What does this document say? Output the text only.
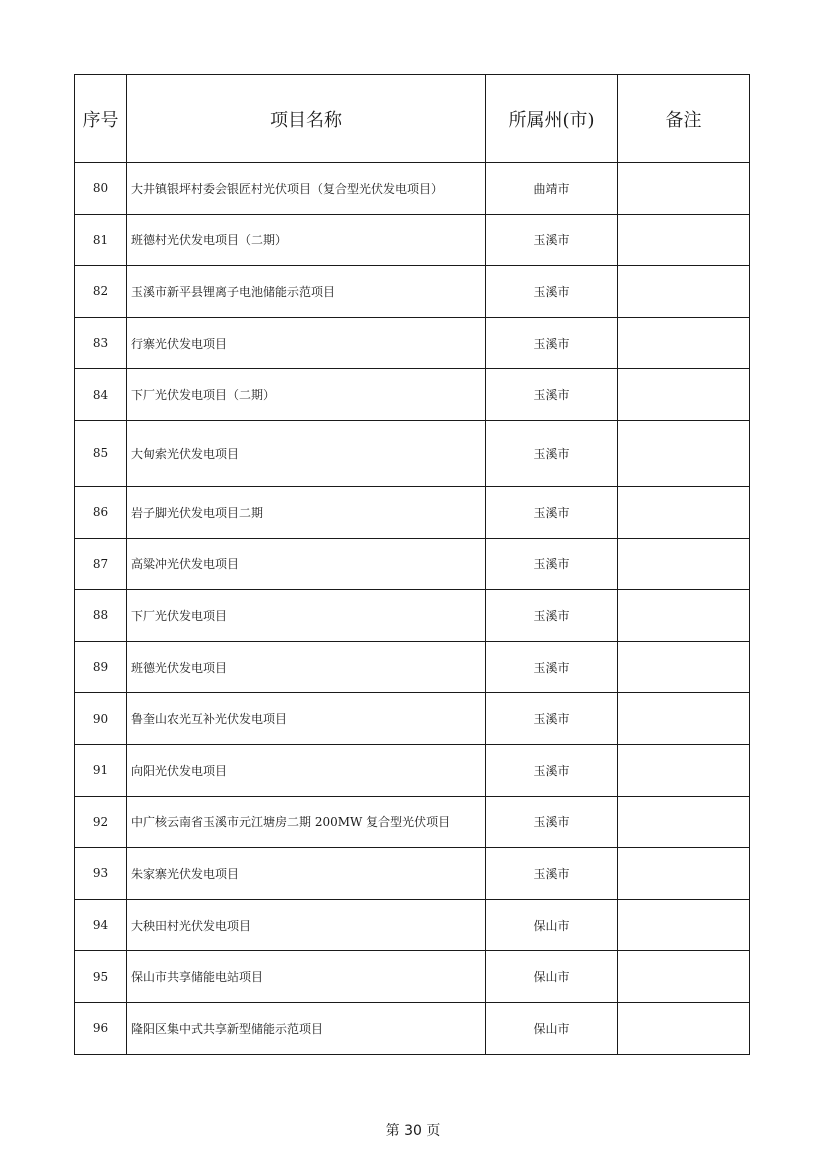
序号	项目名称	所属州(市)	备注
80	大井镇银坪村委会银匠村光伏项目（复合型光伏发电项目）	曲靖市	
81	班德村光伏发电项目（二期）	玉溪市	
82	玉溪市新平县锂离子电池储能示范项目	玉溪市	
83	行寨光伏发电项目	玉溪市	
84	下厂光伏发电项目（二期）	玉溪市	
85	大甸索光伏发电项目	玉溪市	
86	岩子脚光伏发电项目二期	玉溪市	
87	高粱冲光伏发电项目	玉溪市	
88	下厂光伏发电项目	玉溪市	
89	班德光伏发电项目	玉溪市	
90	鲁奎山农光互补光伏发电项目	玉溪市	
91	向阳光伏发电项目	玉溪市	
92	中广核云南省玉溪市元江塘房二期 200MW 复合型光伏项目	玉溪市	
93	朱家寨光伏发电项目	玉溪市	
94	大秧田村光伏发电项目	保山市	
95	保山市共享储能电站项目	保山市	
96	隆阳区集中式共享新型储能示范项目	保山市	
第 30 页
